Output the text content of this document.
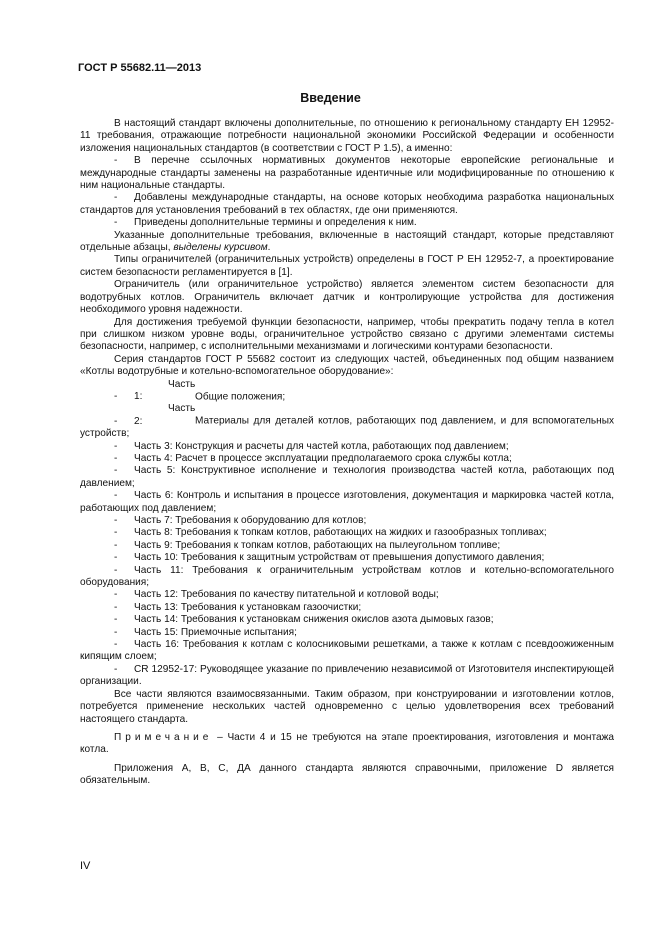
ГОСТ Р 55682.11—2013
Введение

В настоящий стандарт включены дополнительные, по отношению к региональному стандарту ЕН 12952-11 требования, отражающие потребности национальной экономики Российской Федерации и особенности изложения национальных стандартов (в соответствии с ГОСТ Р 1.5), а именно:

- В перечне ссылочных нормативных документов некоторые европейские региональные и международные стандарты заменены на разработанные идентичные или модифицированные по отношению к ним национальные стандарты.

- Добавлены международные стандарты, на основе которых необходима разработка национальных стандартов для установления требований в тех областях, где они применяются.

- Приведены дополнительные термины и определения к ним.

Указанные дополнительные требования, включенные в настоящий стандарт, которые представляют отдельные абзацы, выделены курсивом.

Типы ограничителей (ограничительных устройств) определены в ГОСТ Р ЕН 12952-7, а проектирование систем безопасности регламентируется в [1].

Ограничитель (или ограничительное устройство) является элементом систем безопасности для водотрубных котлов. Ограничитель включает датчик и контролирующие устройства для достижения необходимого уровня надежности.

Для достижения требуемой функции безопасности, например, чтобы прекратить подачу тепла в котел при слишком низком уровне воды, ограничительное устройство связано с другими элементами системы безопасности, например, с исполнительными механизмами и логическими контурами безопасности.

Серия стандартов ГОСТ Р 55682 состоит из следующих частей, объединенных под общим названием «Котлы водотрубные и котельно-вспомогательное оборудование»:

-Часть 1:	Общие положения;

-Часть 2:	Материалы для деталей котлов, работающих под давлением, и для вспомогательных устройств;

- Часть 3: Конструкция и расчеты для частей котла, работающих под давлением;

- Часть 4: Расчет в процессе эксплуатации предполагаемого срока службы котла;

- Часть 5: Конструктивное исполнение и технология производства частей котла, работающих под давлением;

- Часть 6: Контроль и испытания в процессе изготовления, документация и маркировка частей котла, работающих под давлением;

- Часть 7: Требования к оборудованию для котлов;

- Часть 8: Требования к топкам котлов, работающих на жидких и газообразных топливах;

- Часть 9: Требования к топкам котлов, работающих на пылеугольном топливе;

- Часть 10: Требования к защитным устройствам от превышения допустимого давления;

- Часть 11: Требования к ограничительным устройствам котлов и котельно-вспомогательного оборудования;

- Часть 12: Требования по качеству питательной и котловой воды;

- Часть 13: Требования к установкам газоочистки;

- Часть 14: Требования к установкам снижения окислов азота дымовых газов;

- Часть 15: Приемочные испытания;

- Часть 16: Требования к котлам с колосниковыми решетками, а также к котлам с псевдоожиженным кипящим слоем;

- CR 12952-17: Руководящее указание по привлечению независимой от Изготовителя инспектирующей организации.

Все части являются взаимосвязанными. Таким образом, при конструировании и изготовлении котлов, потребуется применение нескольких частей одновременно с целью удовлетворения всех требований настоящего стандарта.

Примечание – Части 4 и 15 не требуются на этапе проектирования, изготовления и монтажа котла.

Приложения А, В, С, ДА данного стандарта являются справочными, приложение D является обязательным.

IV
